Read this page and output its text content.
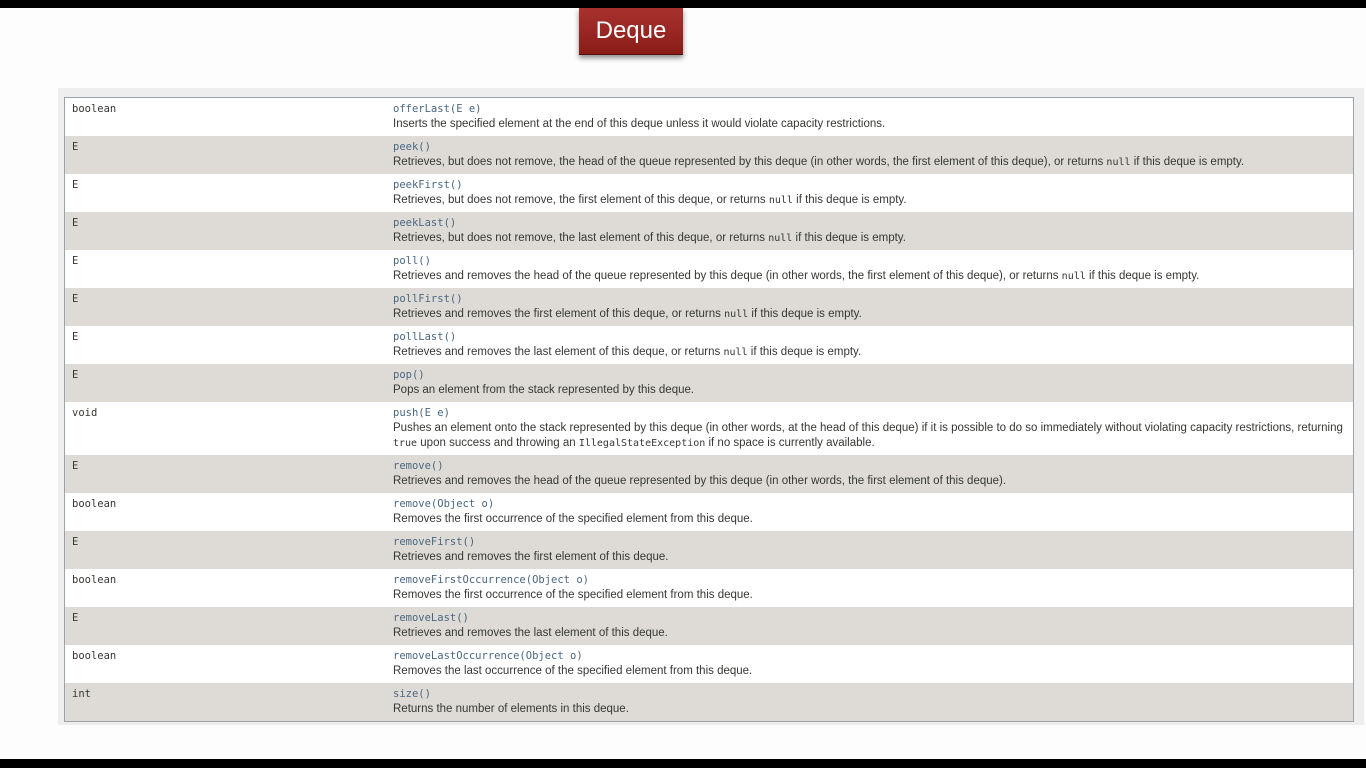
Deque
boolean	offerLast(E e)
Inserts the specified element at the end of this deque unless it would violate capacity restrictions.

E	peek()
Retrieves, but does not remove, the head of the queue represented by this deque (in other words, the first element of this deque), or returns null if this deque is empty.

E	peekFirst()
Retrieves, but does not remove, the first element of this deque, or returns null if this deque is empty.

E	peekLast()
Retrieves, but does not remove, the last element of this deque, or returns null if this deque is empty.

E	poll()
Retrieves and removes the head of the queue represented by this deque (in other words, the first element of this deque), or returns null if this deque is empty.

E	pollFirst()
Retrieves and removes the first element of this deque, or returns null if this deque is empty.

E	pollLast()
Retrieves and removes the last element of this deque, or returns null if this deque is empty.

E	pop()
Pops an element from the stack represented by this deque.

void	push(E e)
Pushes an element onto the stack represented by this deque (in other words, at the head of this deque) if it is possible to do so immediately without violating capacity restrictions, returning true upon success and throwing an IllegalStateException if no space is currently available.

E	remove()
Retrieves and removes the head of the queue represented by this deque (in other words, the first element of this deque).

boolean	remove(Object o)
Removes the first occurrence of the specified element from this deque.

E	removeFirst()
Retrieves and removes the first element of this deque.

boolean	removeFirstOccurrence(Object o)
Removes the first occurrence of the specified element from this deque.

E	removeLast()
Retrieves and removes the last element of this deque.

boolean	removeLastOccurrence(Object o)
Removes the last occurrence of the specified element from this deque.

int	size()
Returns the number of elements in this deque.
